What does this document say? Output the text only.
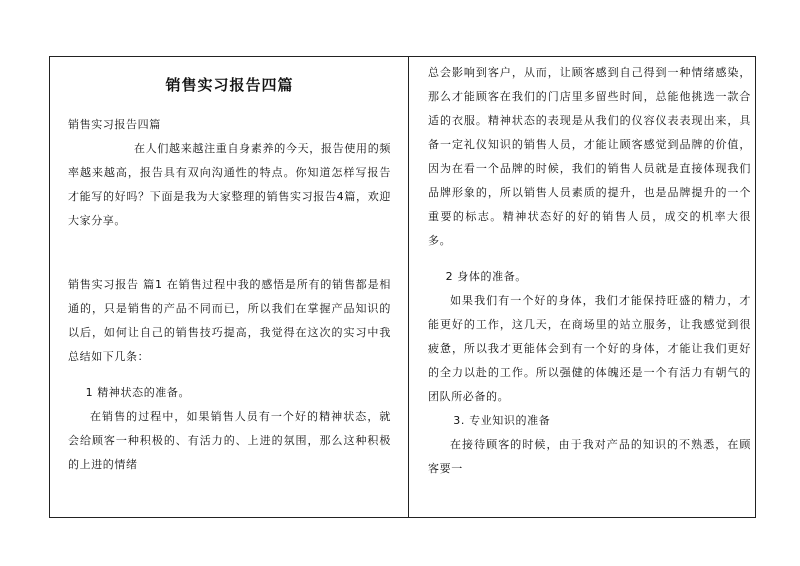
销售实习报告四篇

销售实习报告四篇

在人们越来越注重自身素养的今天，报告使用的频率越来越高，报告具有双向沟通性的特点。你知道怎样写报告才能写的好吗？下面是我为大家整理的销售实习报告4篇，欢迎大家分享。

销售实习报告 篇1 在销售过程中我的感悟是所有的销售都是相通的，只是销售的产品不同而已，所以我们在掌握产品知识的以后，如何让自己的销售技巧提高，我觉得在这次的实习中我总结如下几条：

1 精神状态的准备。

在销售的过程中，如果销售人员有一个好的精神状态，就会给顾客一种积极的、有活力的、上进的氛围，那么这种积极的上进的情绪

总会影响到客户，从而，让顾客感到自己得到一种情绪感染，那么才能顾客在我们的门店里多留些时间，总能他挑选一款合适的衣服。精神状态的表现是从我们的仪容仪表表现出来，具备一定礼仪知识的销售人员，才能让顾客感觉到品牌的价值，因为在看一个品牌的时候，我们的销售人员就是直接体现我们品牌形象的，所以销售人员素质的提升，也是品牌提升的一个重要的标志。精神状态好的好的销售人员，成交的机率大很多。

2 身体的准备。

如果我们有一个好的身体，我们才能保持旺盛的精力，才能更好的工作，这几天，在商场里的站立服务，让我感觉到很疲惫，所以我才更能体会到有一个好的身体，才能让我们更好的全力以赴的工作。所以强健的体魄还是一个有活力有朝气的团队所必备的。

3. 专业知识的准备

在接待顾客的时候，由于我对产品的知识的不熟悉，在顾客要一
